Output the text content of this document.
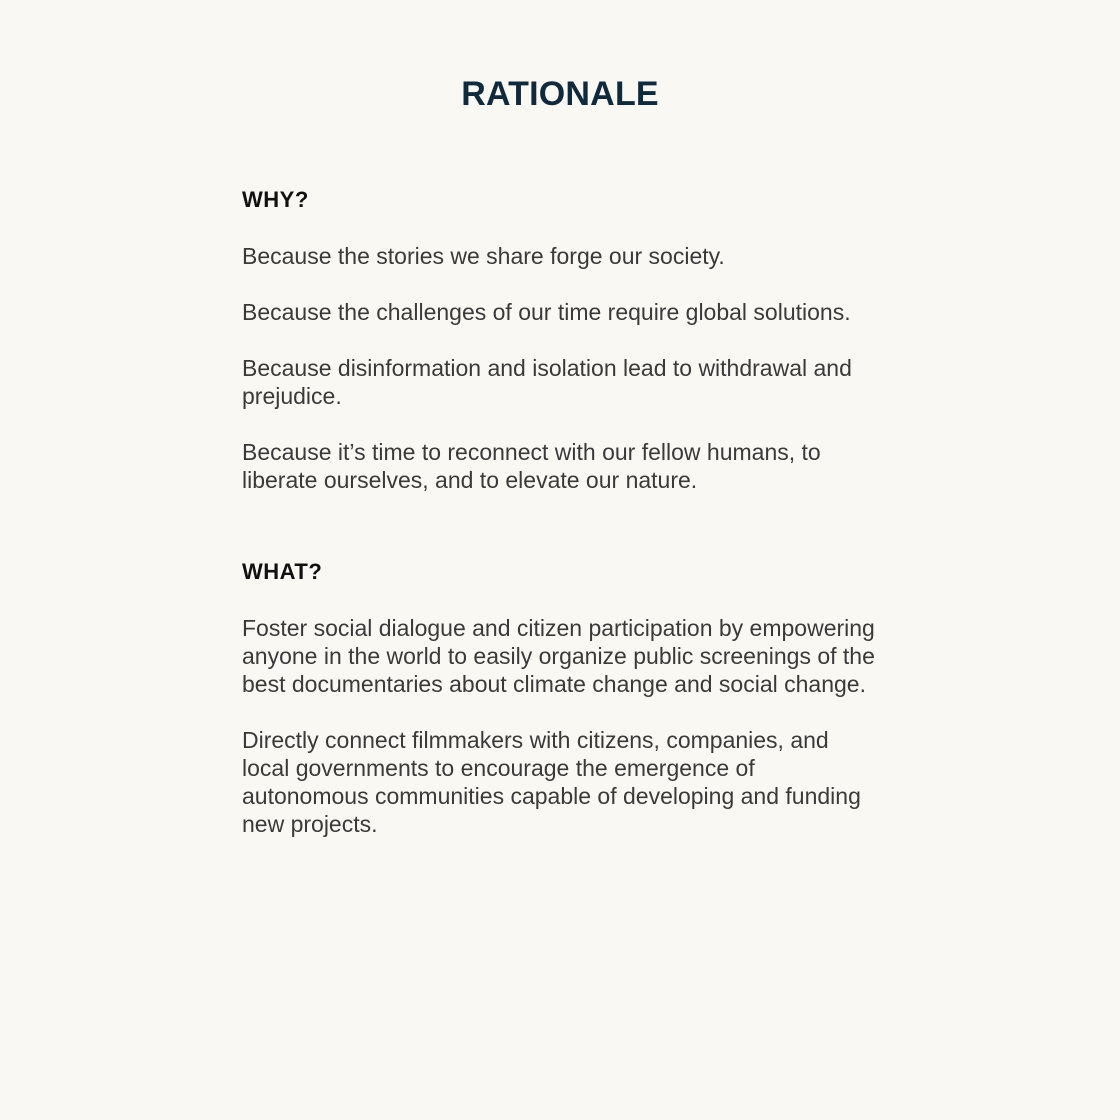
RATIONALE
WHY?

Because the stories we share forge our society.

Because the challenges of our time require global solutions.

Because disinformation and isolation lead to withdrawal and prejudice.

Because it’s time to reconnect with our fellow humans, to liberate ourselves, and to elevate our nature.

WHAT?

Foster social dialogue and citizen participation by empowering anyone in the world to easily organize public screenings of the best documentaries about climate change and social change.

Directly connect filmmakers with citizens, companies, and local governments to encourage the emergence of autonomous communities capable of developing and funding new projects.
